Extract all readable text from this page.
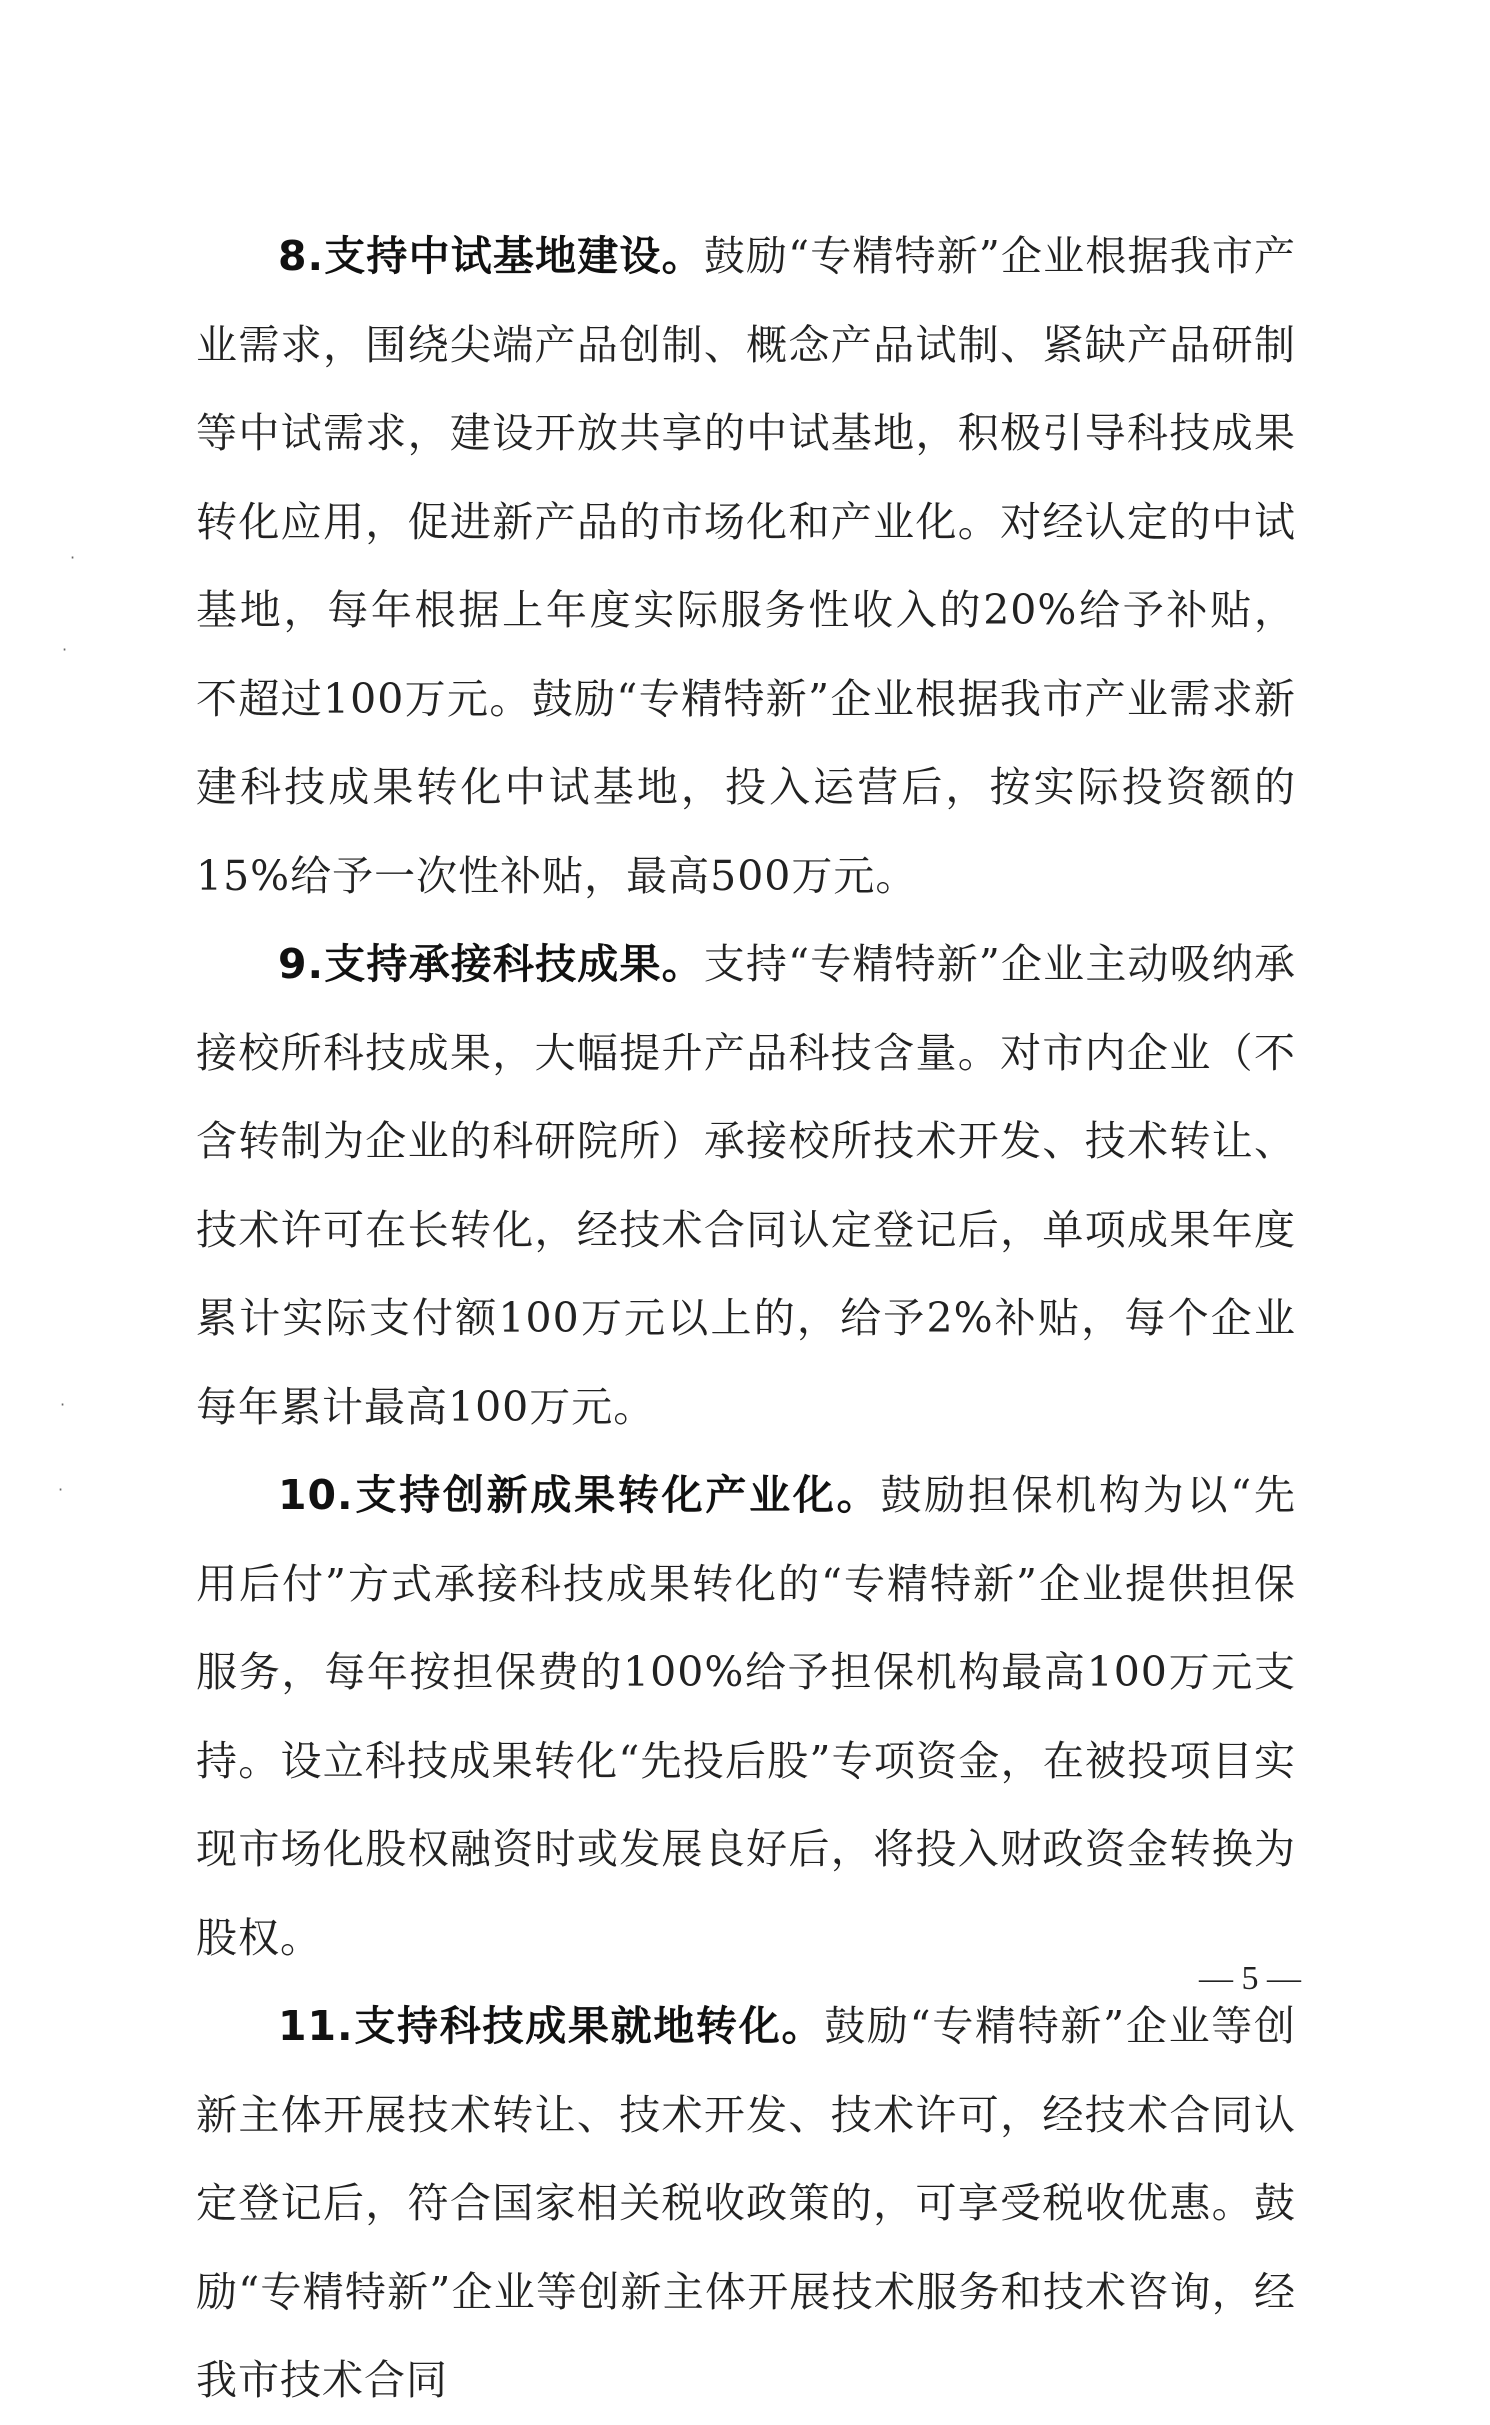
8.支持中试基地建设。鼓励“专精特新”企业根据我市产业需求，围绕尖端产品创制、概念产品试制、紧缺产品研制等中试需求，建设开放共享的中试基地，积极引导科技成果转化应用，促进新产品的市场化和产业化。对经认定的中试基地，每年根据上年度实际服务性收入的20%给予补贴，不超过100万元。鼓励“专精特新”企业根据我市产业需求新建科技成果转化中试基地，投入运营后，按实际投资额的15%给予一次性补贴，最高500万元。

9.支持承接科技成果。支持“专精特新”企业主动吸纳承接校所科技成果，大幅提升产品科技含量。对市内企业（不含转制为企业的科研院所）承接校所技术开发、技术转让、技术许可在长转化，经技术合同认定登记后，单项成果年度累计实际支付额100万元以上的，给予2%补贴，每个企业每年累计最高100万元。

10.支持创新成果转化产业化。鼓励担保机构为以“先用后付”方式承接科技成果转化的“专精特新”企业提供担保服务，每年按担保费的100%给予担保机构最高100万元支持。设立科技成果转化“先投后股”专项资金，在被投项目实现市场化股权融资时或发展良好后，将投入财政资金转换为股权。

11.支持科技成果就地转化。鼓励“专精特新”企业等创新主体开展技术转让、技术开发、技术许可，经技术合同认定登记后，符合国家相关税收政策的，可享受税收优惠。鼓励“专精特新”企业等创新主体开展技术服务和技术咨询，经我市技术合同

·
·
·
·
— 5 —
